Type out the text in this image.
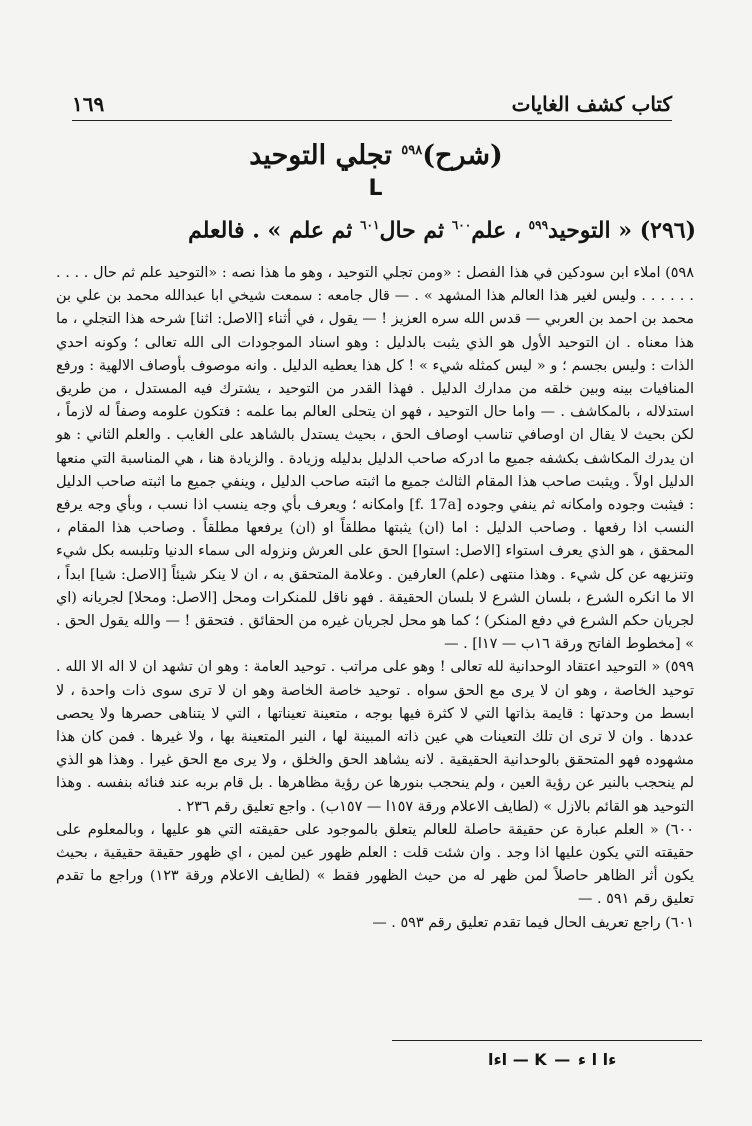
١٦٩	كتاب كشف الغايات
(شرح)$^{٥٩٨}$ تجلي التوحيد
L
(٢٩٦) « التوحيد$^{٥٩٩}$ ، علم$^{٦٠٠}$ ثم حال$^{٦٠١}$ ثم علم » . فالعلم

٥٩٨) املاء ابن سودكين في هذا الفصل : «ومن تجلي التوحيد ، وهو ما هذا نصه : «التوحيد علم ثم حال . . . . . . . . . . وليس لغير هذا العالم هذا المشهد » . — قال جامعه : سمعت شيخي ابا عبدالله محمد بن علي بن محمد بن احمد بن العربي — قدس الله سره العزيز ! — يقول ، في أثناء [الاصل: اثنا] شرحه هذا التجلي ، ما هذا معناه . ان التوحيد الأول هو الذي يثبت بالدليل : وهو اسناد الموجودات الى الله تعالى ؛ وكونه احدي الذات : وليس بجسم ؛ و « ليس كمثله شيء » ! كل هذا يعطيه الدليل . وانه موصوف بأوصاف الالهية : ورفع المنافيات بينه وبين خلقه من مدارك الدليل . فهذا القدر من التوحيد ، يشترك فيه المستدل ، من طريق استدلاله ، بالمكاشف . — واما حال التوحيد ، فهو ان يتحلى العالم بما علمه : فتكون علومه وصفاً له لازماً ، لكن بحيث لا يقال ان اوصافي تناسب اوصاف الحق ، بحيث يستدل بالشاهد على الغايب . والعلم الثاني : هو ان يدرك المكاشف بكشفه جميع ما ادركه صاحب الدليل بدليله وزيادة . والزيادة هنا ، هي المناسبة التي منعها الدليل اولاً . ويثبت صاحب هذا المقام الثالث جميع ما اثبته صاحب الدليل ، وينفي جميع ما اثبته صاحب الدليل : فيثبت وجوده وامكانه ثم ينفي وجوده [f. 17a] وامكانه ؛ ويعرف بأي وجه ينسب اذا نسب ، وبأي وجه يرفع النسب اذا رفعها . وصاحب الدليل : اما (ان) يثبتها مطلقاً او (ان) يرفعها مطلقاً . وصاحب هذا المقام ، المحقق ، هو الذي يعرف استواء [الاصل: استوا] الحق على العرش ونزوله الى سماء الدنيا وتلبسه بكل شيء وتنزيهه عن كل شيء . وهذا منتهى (علم) العارفين . وعلامة المتحقق به ، ان لا ينكر شيئاً [الاصل: شيا] ابداً ، الا ما انكره الشرع ، بلسان الشرع لا بلسان الحقيقة . فهو ناقل للمنكرات ومحل [الاصل: ومحلا] لجريانه (اي لجريان حكم الشرع في دفع المنكر) ؛ كما هو محل لجريان غيره من الحقائق . فتحقق ! — والله يقول الحق . » [مخطوط الفاتح ورقة ١٦ب — ١٧ا] . —

٥٩٩) « التوحيد اعتقاد الوحدانية لله تعالى ! وهو على مراتب . توحيد العامة : وهو ان تشهد ان لا اله الا الله . توحيد الخاصة ، وهو ان لا يرى مع الحق سواه . توحيد خاصة الخاصة وهو ان لا ترى سوى ذات واحدة ، لا ابسط من وحدتها : قايمة بذاتها التي لا كثرة فيها بوجه ، متعينة تعيناتها ، التي لا يتناهى حصرها ولا يحصى عددها . وان لا ترى ان تلك التعينات هي عين ذاته المبينة لها ، النير المتعينة بها ، ولا غيرها . فمن كان هذا مشهوده فهو المتحقق بالوحدانية الحقيقية . لانه يشاهد الحق والخلق ، ولا يرى مع الحق غيرا . وهذا هو الذي لم ينحجب بالنير عن رؤية العين ، ولم ينحجب بنورها عن رؤية مظاهرها . بل قام بربه عند فنائه بنفسه . وهذا التوحيد هو القائم بالازل » (لطايف الاعلام ورقة ١٥٧ا — ١٥٧ب) . واجع تعليق رقم ٢٣٦ .

٦٠٠) « العلم عبارة عن حقيقة حاصلة للعالم يتعلق بالموجود على حقيقته التي هو عليها ، وبالمعلوم على حقيقته التي يكون عليها اذا وجد . وان شئت قلت : العلم ظهور عين لمين ، اي ظهور حقيقة حقيقية ، بحيث يكون أثر الظاهر حاصلاً لمن ظهر له من حيث الظهور فقط » (لطايف الاعلام ورقة ١٢٣) وراجع ما تقدم تعليق رقم ٥٩١ . —

٦٠١) راجع تعريف الحال فيما تقدم تعليق رقم ٥٩٣ . —

اءا — K — ءا ا ء
